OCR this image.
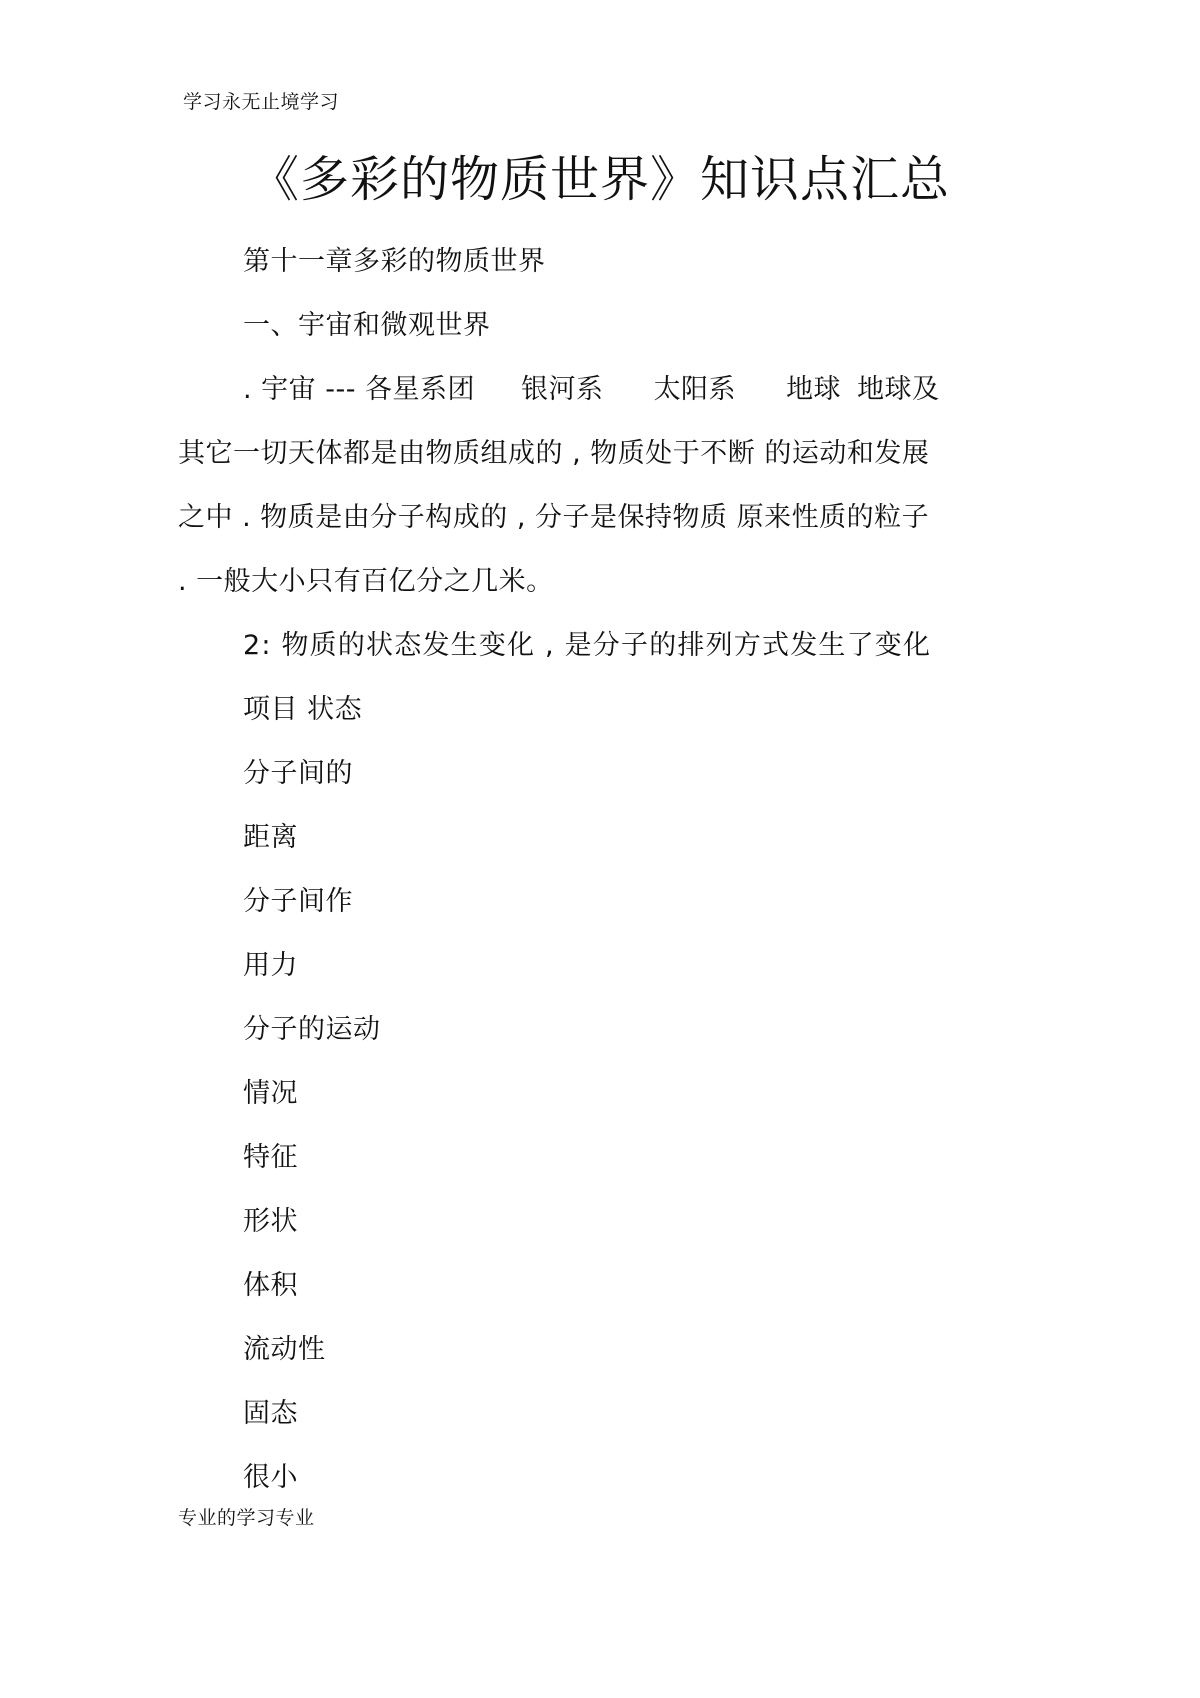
学习永无止境学习
《多彩的物质世界》知识点汇总
第十一章多彩的物质世界
一、宇宙和微观世界
. 宇宙 --- 各星系团 银河系 太阳系 地球 地球及
其它一切天体都是由物质组成的 , 物质处于不断 的运动和发展
之中 . 物质是由分子构成的 , 分子是保持物质 原来性质的粒子
. 一般大小只有百亿分之几米。
2: 物质的状态发生变化 , 是分子的排列方式发生了变化
项目 状态
分子间的
距离
分子间作
用力
分子的运动
情况
特征
形状
体积
流动性
固态
很小
专业的学习专业
